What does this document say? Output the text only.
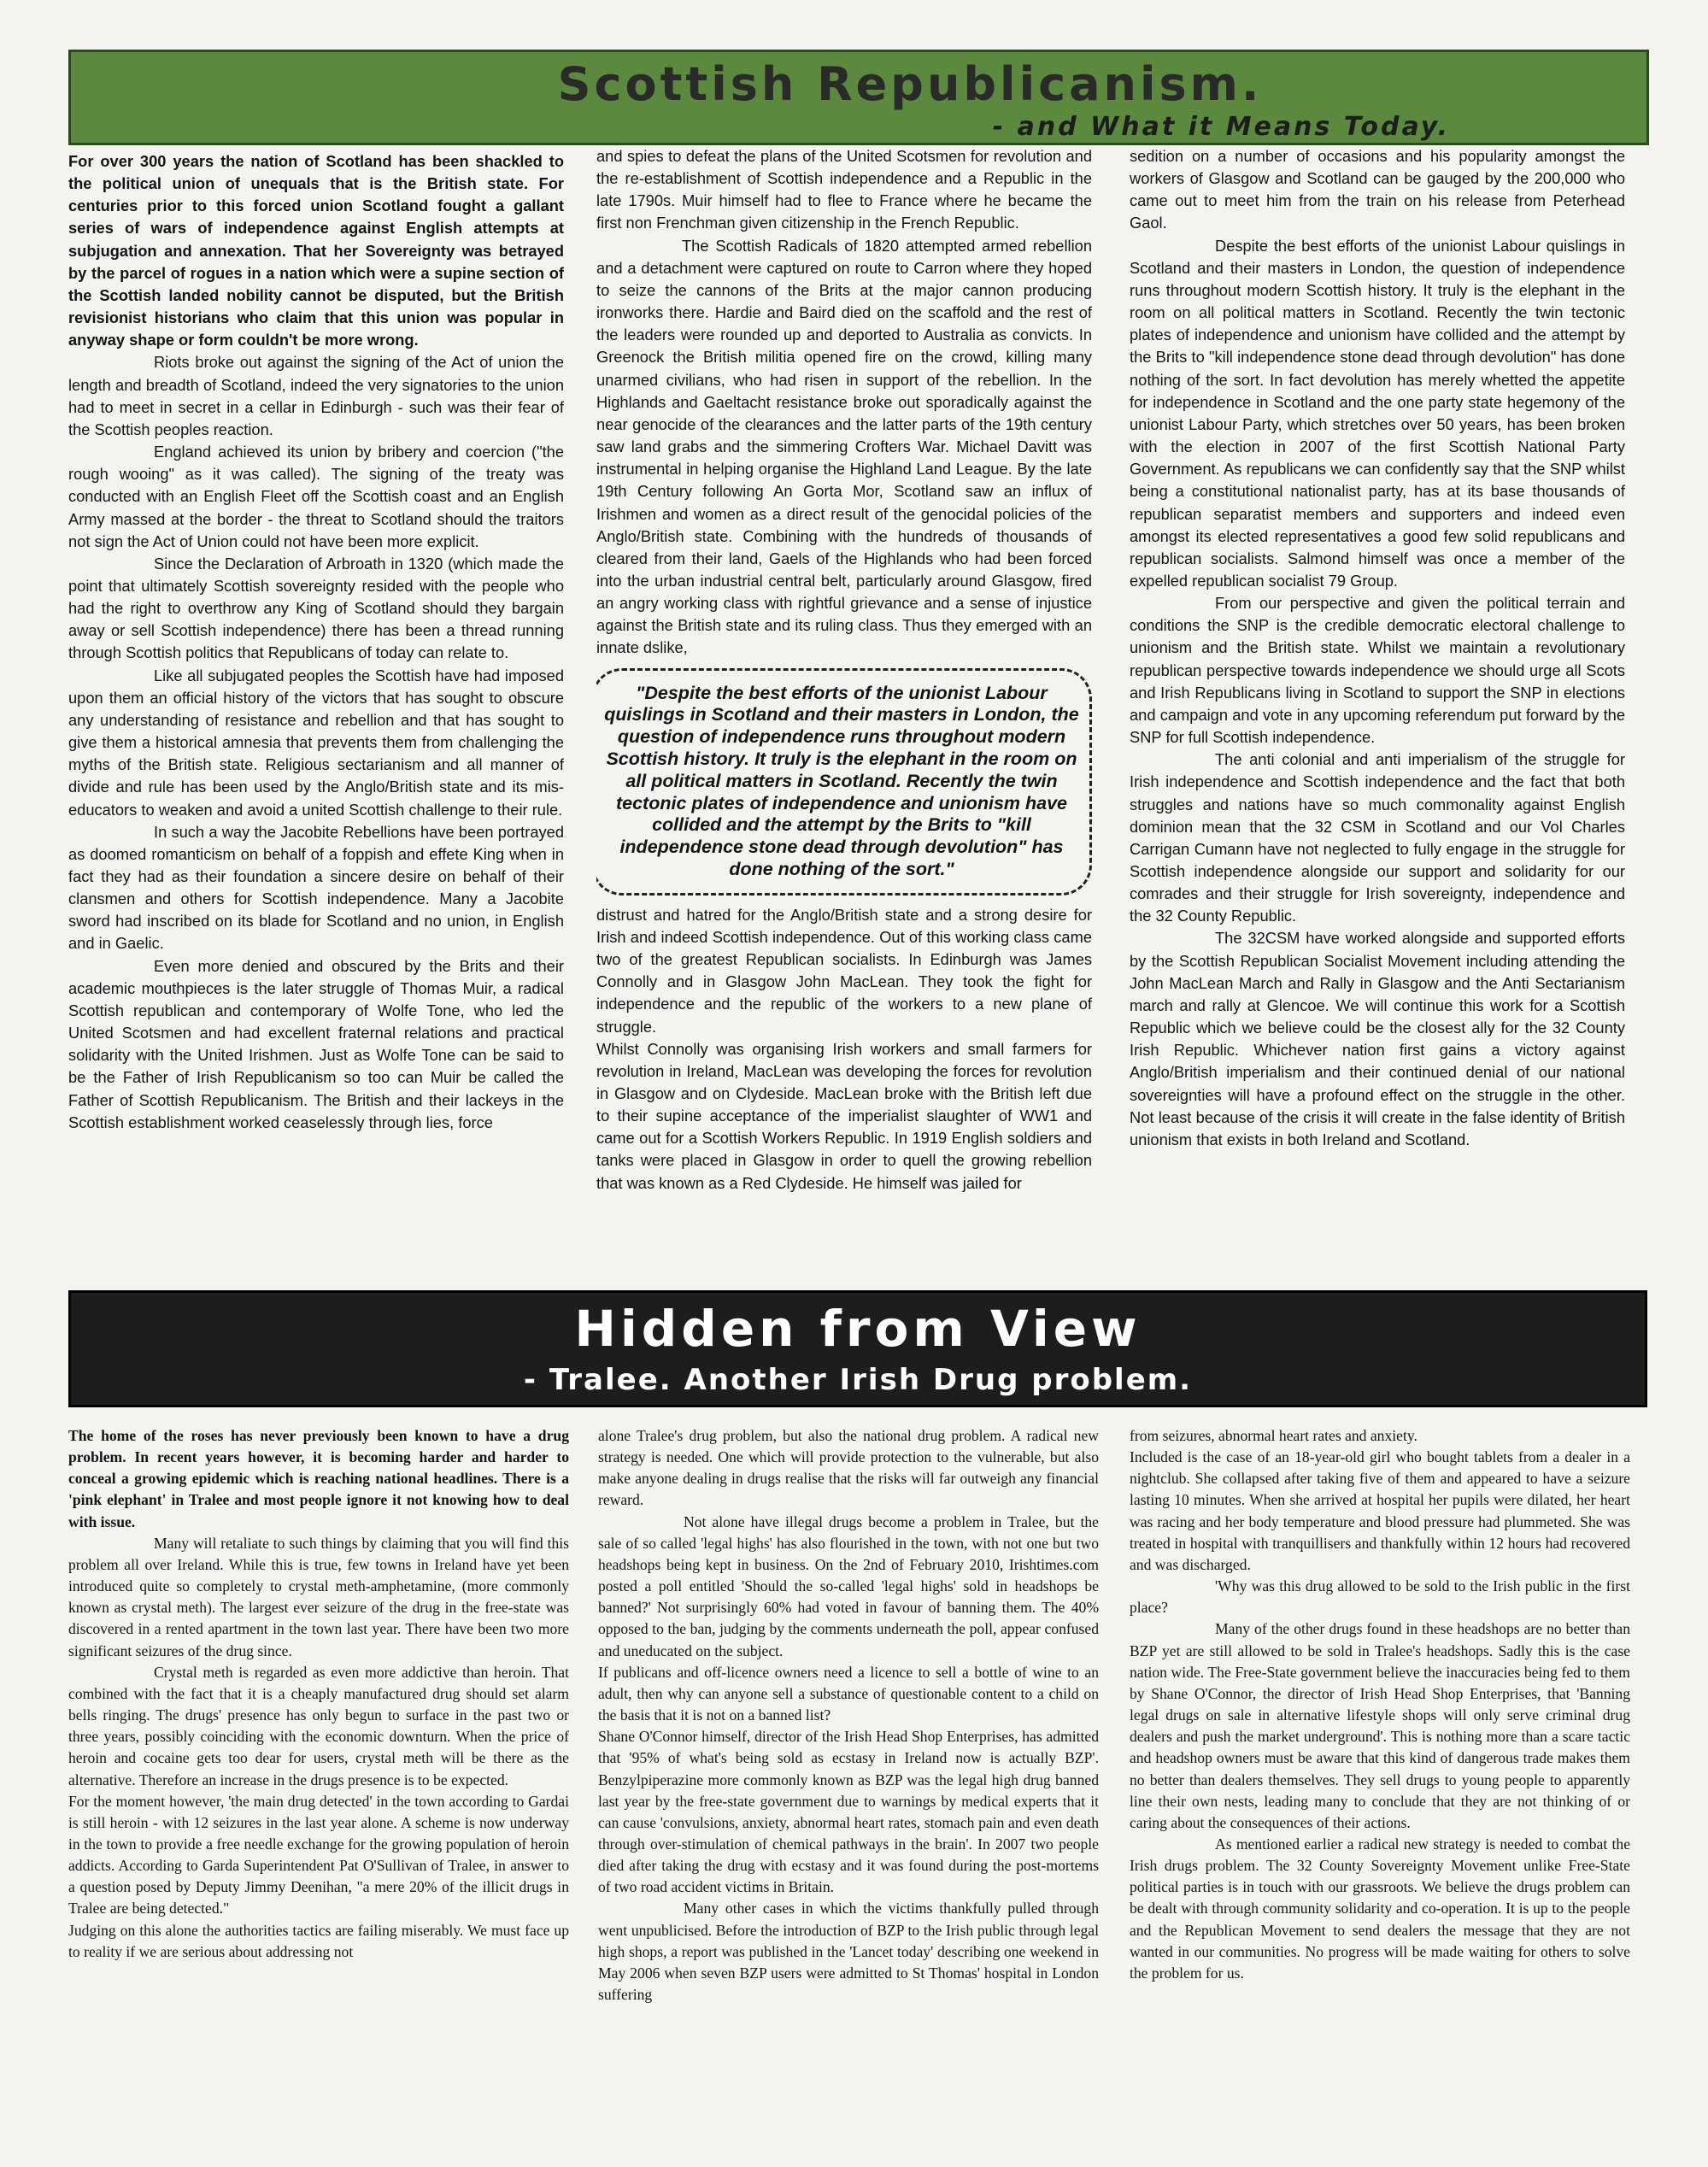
Scottish Republicanism.
- and What it Means Today.

For over 300 years the nation of Scotland has been shackled to the political union of unequals that is the British state. For centuries prior to this forced union Scotland fought a gallant series of wars of independence against English attempts at subjugation and annexation. That her Sovereignty was betrayed by the parcel of rogues in a nation which were a supine section of the Scottish landed nobility cannot be disputed, but the British revisionist historians who claim that this union was popular in anyway shape or form couldn't be more wrong.

Riots broke out against the signing of the Act of union the length and breadth of Scotland, indeed the very signatories to the union had to meet in secret in a cellar in Edinburgh - such was their fear of the Scottish peoples reaction.

England achieved its union by bribery and coercion ("the rough wooing" as it was called). The signing of the treaty was conducted with an English Fleet off the Scottish coast and an English Army massed at the border - the threat to Scotland should the traitors not sign the Act of Union could not have been more explicit.

Since the Declaration of Arbroath in 1320 (which made the point that ultimately Scottish sovereignty resided with the people who had the right to overthrow any King of Scotland should they bargain away or sell Scottish independence) there has been a thread running through Scottish politics that Republicans of today can relate to.

Like all subjugated peoples the Scottish have had imposed upon them an official history of the victors that has sought to obscure any understanding of resistance and rebellion and that has sought to give them a historical amnesia that prevents them from challenging the myths of the British state. Religious sectarianism and all manner of divide and rule has been used by the Anglo/British state and its mis-educators to weaken and avoid a united Scottish challenge to their rule.

In such a way the Jacobite Rebellions have been portrayed as doomed romanticism on behalf of a foppish and effete King when in fact they had as their foundation a sincere desire on behalf of their clansmen and others for Scottish independence. Many a Jacobite sword had inscribed on its blade for Scotland and no union, in English and in Gaelic.

Even more denied and obscured by the Brits and their academic mouthpieces is the later struggle of Thomas Muir, a radical Scottish republican and contemporary of Wolfe Tone, who led the United Scotsmen and had excellent fraternal relations and practical solidarity with the United Irishmen. Just as Wolfe Tone can be said to be the Father of Irish Republicanism so too can Muir be called the Father of Scottish Republicanism. The British and their lackeys in the Scottish establishment worked ceaselessly through lies, force

and spies to defeat the plans of the United Scotsmen for revolution and the re-establishment of Scottish independence and a Republic in the late 1790s. Muir himself had to flee to France where he became the first non Frenchman given citizenship in the French Republic.

The Scottish Radicals of 1820 attempted armed rebellion and a detachment were captured on route to Carron where they hoped to seize the cannons of the Brits at the major cannon producing ironworks there. Hardie and Baird died on the scaffold and the rest of the leaders were rounded up and deported to Australia as convicts. In Greenock the British militia opened fire on the crowd, killing many unarmed civilians, who had risen in support of the rebellion. In the Highlands and Gaeltacht resistance broke out sporadically against the near genocide of the clearances and the latter parts of the 19th century saw land grabs and the simmering Crofters War. Michael Davitt was instrumental in helping organise the Highland Land League. By the late 19th Century following An Gorta Mor, Scotland saw an influx of Irishmen and women as a direct result of the genocidal policies of the Anglo/British state. Combining with the hundreds of thousands of cleared from their land, Gaels of the Highlands who had been forced into the urban industrial central belt, particularly around Glasgow, fired an angry working class with rightful grievance and a sense of injustice against the British state and its ruling class. Thus they emerged with an innate dslike,

"Despite the best efforts of the unionist Labour quislings in Scotland and their masters in London, the question of independence runs throughout modern Scottish history. It truly is the elephant in the room on all political matters in Scotland. Recently the twin tectonic plates of independence and unionism have collided and the attempt by the Brits to "kill independence stone dead through devolution" has done nothing of the sort."

distrust and hatred for the Anglo/British state and a strong desire for Irish and indeed Scottish independence. Out of this working class came two of the greatest Republican socialists. In Edinburgh was James Connolly and in Glasgow John MacLean. They took the fight for independence and the republic of the workers to a new plane of struggle.

Whilst Connolly was organising Irish workers and small farmers for revolution in Ireland, MacLean was developing the forces for revolution in Glasgow and on Clydeside. MacLean broke with the British left due to their supine acceptance of the imperialist slaughter of WW1 and came out for a Scottish Workers Republic. In 1919 English soldiers and tanks were placed in Glasgow in order to quell the growing rebellion that was known as a Red Clydeside. He himself was jailed for

sedition on a number of occasions and his popularity amongst the workers of Glasgow and Scotland can be gauged by the 200,000 who came out to meet him from the train on his release from Peterhead Gaol.

Despite the best efforts of the unionist Labour quislings in Scotland and their masters in London, the question of independence runs throughout modern Scottish history. It truly is the elephant in the room on all political matters in Scotland. Recently the twin tectonic plates of independence and unionism have collided and the attempt by the Brits to "kill independence stone dead through devolution" has done nothing of the sort. In fact devolution has merely whetted the appetite for independence in Scotland and the one party state hegemony of the unionist Labour Party, which stretches over 50 years, has been broken with the election in 2007 of the first Scottish National Party Government. As republicans we can confidently say that the SNP whilst being a constitutional nationalist party, has at its base thousands of republican separatist members and supporters and indeed even amongst its elected representatives a good few solid republicans and republican socialists. Salmond himself was once a member of the expelled republican socialist 79 Group.

From our perspective and given the political terrain and conditions the SNP is the credible democratic electoral challenge to unionism and the British state. Whilst we maintain a revolutionary republican perspective towards independence we should urge all Scots and Irish Republicans living in Scotland to support the SNP in elections and campaign and vote in any upcoming referendum put forward by the SNP for full Scottish independence.

The anti colonial and anti imperialism of the struggle for Irish independence and Scottish independence and the fact that both struggles and nations have so much commonality against English dominion mean that the 32 CSM in Scotland and our Vol Charles Carrigan Cumann have not neglected to fully engage in the struggle for Scottish independence alongside our support and solidarity for our comrades and their struggle for Irish sovereignty, independence and the 32 County Republic.

The 32CSM have worked alongside and supported efforts by the Scottish Republican Socialist Movement including attending the John MacLean March and Rally in Glasgow and the Anti Sectarianism march and rally at Glencoe. We will continue this work for a Scottish Republic which we believe could be the closest ally for the 32 County Irish Republic. Whichever nation first gains a victory against Anglo/British imperialism and their continued denial of our national sovereignties will have a profound effect on the struggle in the other. Not least because of the crisis it will create in the false identity of British unionism that exists in both Ireland and Scotland.

Hidden from View
- Tralee. Another Irish Drug problem.

The home of the roses has never previously been known to have a drug problem. In recent years however, it is becoming harder and harder to conceal a growing epidemic which is reaching national headlines. There is a 'pink elephant' in Tralee and most people ignore it not knowing how to deal with issue.

Many will retaliate to such things by claiming that you will find this problem all over Ireland. While this is true, few towns in Ireland have yet been introduced quite so completely to crystal meth-amphetamine, (more commonly known as crystal meth). The largest ever seizure of the drug in the free-state was discovered in a rented apartment in the town last year. There have been two more significant seizures of the drug since.

Crystal meth is regarded as even more addictive than heroin. That combined with the fact that it is a cheaply manufactured drug should set alarm bells ringing. The drugs' presence has only begun to surface in the past two or three years, possibly coinciding with the economic downturn. When the price of heroin and cocaine gets too dear for users, crystal meth will be there as the alternative. Therefore an increase in the drugs presence is to be expected.

For the moment however, 'the main drug detected' in the town according to Gardai is still heroin - with 12 seizures in the last year alone. A scheme is now underway in the town to provide a free needle exchange for the growing population of heroin addicts. According to Garda Superintendent Pat O'Sullivan of Tralee, in answer to a question posed by Deputy Jimmy Deenihan, "a mere 20% of the illicit drugs in Tralee are being detected."

Judging on this alone the authorities tactics are failing miserably. We must face up to reality if we are serious about addressing not

alone Tralee's drug problem, but also the national drug problem. A radical new strategy is needed. One which will provide protection to the vulnerable, but also make anyone dealing in drugs realise that the risks will far outweigh any financial reward.

Not alone have illegal drugs become a problem in Tralee, but the sale of so called 'legal highs' has also flourished in the town, with not one but two headshops being kept in business. On the 2nd of February 2010, Irishtimes.com posted a poll entitled 'Should the so-called 'legal highs' sold in headshops be banned?' Not surprisingly 60% had voted in favour of banning them. The 40% opposed to the ban, judging by the comments underneath the poll, appear confused and uneducated on the subject.

If publicans and off-licence owners need a licence to sell a bottle of wine to an adult, then why can anyone sell a substance of questionable content to a child on the basis that it is not on a banned list?

Shane O'Connor himself, director of the Irish Head Shop Enterprises, has admitted that '95% of what's being sold as ecstasy in Ireland now is actually BZP'. Benzylpiperazine more commonly known as BZP was the legal high drug banned last year by the free-state government due to warnings by medical experts that it can cause 'convulsions, anxiety, abnormal heart rates, stomach pain and even death through over-stimulation of chemical pathways in the brain'. In 2007 two people died after taking the drug with ecstasy and it was found during the post-mortems of two road accident victims in Britain.

Many other cases in which the victims thankfully pulled through went unpublicised. Before the introduction of BZP to the Irish public through legal high shops, a report was published in the 'Lancet today' describing one weekend in May 2006 when seven BZP users were admitted to St Thomas' hospital in London suffering

from seizures, abnormal heart rates and anxiety.

Included is the case of an 18-year-old girl who bought tablets from a dealer in a nightclub. She collapsed after taking five of them and appeared to have a seizure lasting 10 minutes. When she arrived at hospital her pupils were dilated, her heart was racing and her body temperature and blood pressure had plummeted. She was treated in hospital with tranquillisers and thankfully within 12 hours had recovered and was discharged.

'Why was this drug allowed to be sold to the Irish public in the first place?

Many of the other drugs found in these headshops are no better than BZP yet are still allowed to be sold in Tralee's headshops. Sadly this is the case nation wide. The Free-State government believe the inaccuracies being fed to them by Shane O'Connor, the director of Irish Head Shop Enterprises, that 'Banning legal drugs on sale in alternative lifestyle shops will only serve criminal drug dealers and push the market underground'. This is nothing more than a scare tactic and headshop owners must be aware that this kind of dangerous trade makes them no better than dealers themselves. They sell drugs to young people to apparently line their own nests, leading many to conclude that they are not thinking of or caring about the consequences of their actions.

As mentioned earlier a radical new strategy is needed to combat the Irish drugs problem. The 32 County Sovereignty Movement unlike Free-State political parties is in touch with our grassroots. We believe the drugs problem can be dealt with through community solidarity and co-operation. It is up to the people and the Republican Movement to send dealers the message that they are not wanted in our communities. No progress will be made waiting for others to solve the problem for us.
